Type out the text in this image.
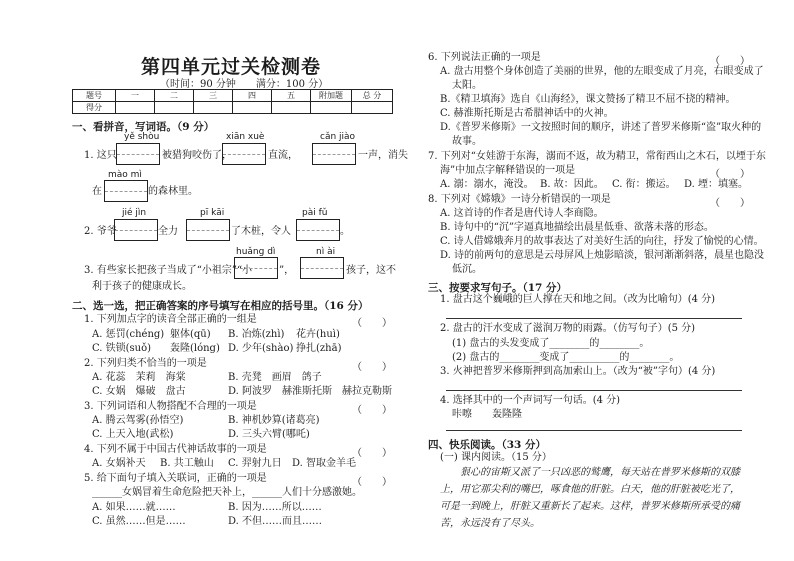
第四单元过关检测卷
（时间：90 分钟　　满分：100 分）
题号	一	二	三	四	五	附加题	总 分
得分							
一、看拼音，写词语。（9 分）
yě shòu	xiān xuè	cǎn jiào
1. 这只	被猎狗咬伤了，	直流，	一声，消失
mào mì
在	的森林里。
jié jìn	pī kāi	pài fǔ
2. 爷爷	全力	了木桩，令人	。
huǎng dì	nì ài
3. 有些家长把孩子当成了“小祖宗”“小	”，	孩子，这不
利于孩子的健康成长。
二、选一选，把正确答案的序号填写在相应的括号里。（16 分）
1. 下列加点字的读音全部正确的一组是	（　　）
A. 惩罚(chéng) 躯体(qū) B. 冶炼(zhì) 花卉(huì)
C. 铁锁(suǒ) 轰隆(lóng) D. 少年(shào) 挣扎(zhā)
2. 下列归类不恰当的一项是	（　　）
A. 花蕊　茉莉　海棠	B. 壳凳　画眉　鸽子
C. 女娲　爆破　盘古	D. 阿波罗　赫淮斯托斯　赫拉克勒斯
3. 下列词语和人物搭配不合理的一项是	（　　）
A. 腾云驾雾(孙悟空)	B. 神机妙算(诸葛亮)
C. 上天入地(武松)	D. 三头六臂(哪吒)
4. 下列不属于中国古代神话故事的一项是	（　　）
A. 女娲补天 B. 共工触山 C. 羿射九日 D. 智取金羊毛
5. 给下面句子填入关联词，正确的一项是	（　　）
______女娲冒着生命危险把天补上，______人们十分感激她。
A. 如果……就……	B. 因为……所以……
C. 虽然……但是……	D. 不但……而且……
6. 下列说法正确的一项是	（　　）
A. 盘古用整个身体创造了美丽的世界，他的左眼变成了月亮，右眼变成了
太阳。
B.《精卫填海》选自《山海经》，课文赞扬了精卫不屈不挠的精神。
C. 赫淮斯托斯是古希腊神话中的火神。
D.《普罗米修斯》一文按照时间的顺序，讲述了普罗米修斯“盗”取火种的
故事。
7. 下列对“女娃游于东海，溺而不返，故为精卫，常衔西山之木石，以堙于东
海”中加点字解释错误的一项是	（　　）
A. 溺：溺水，淹没。 B. 故：因此。 C. 衔：搬运。 D. 堙：填塞。
8. 下列对《嫦娥》一诗分析错误的一项是	（　　）
A. 这首诗的作者是唐代诗人李商隐。
B. 诗句中的“沉”字逼真地描绘出晨星低垂、欲落未落的形态。
C. 诗人借嫦娥奔月的故事表达了对美好生活的向往，抒发了愉悦的心情。
D. 诗的前两句的意思是云母屏风上烛影暗淡，银河渐渐斜落，晨星也隐没
低沉。
三、按要求写句子。（17 分）
1. 盘古这个巍峨的巨人撑在天和地之间。（改为比喻句）(4 分)
2. 盘古的汗水变成了滋润万物的雨露。（仿写句子）(5 分)
(1) 盘古的头发变成了________的________。
(2) 盘古的________变成了__________的________。
3. 火神把普罗米修斯押到高加索山上。（改为“被”字句）(4 分)
4. 选择其中的一个声词写一句话。(4 分)
咔嚓　　轰隆隆
四、快乐阅读。（33 分）
(一) 课内阅读。（15 分）
　　狠心的宙斯又派了一只凶恶的鹫鹰，每天站在普罗米修斯的双膝上，用它那尖利的嘴巴，啄食他的肝脏。白天，他的肝脏被吃光了，可是一到晚上，肝脏又重新长了起来。这样，普罗米修斯所承受的痛苦，永远没有了尽头。
